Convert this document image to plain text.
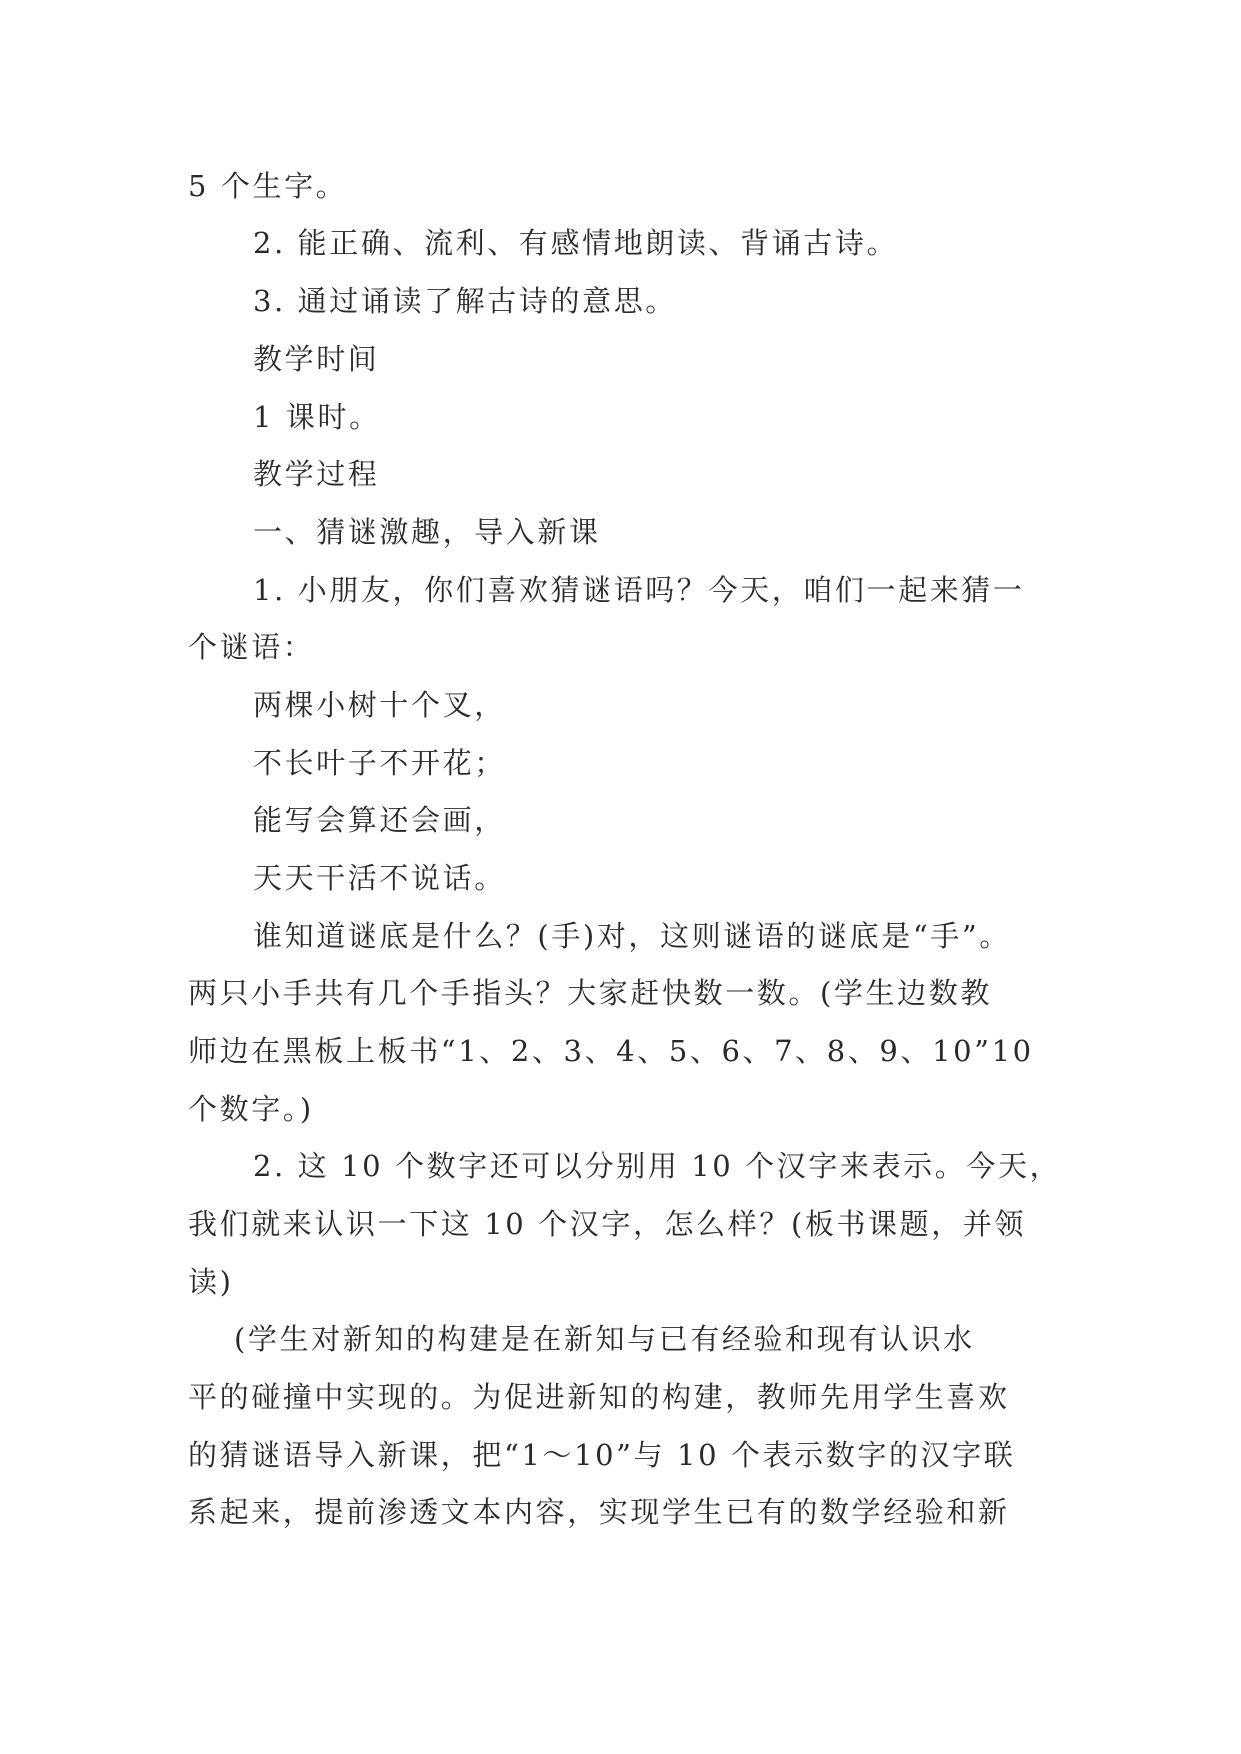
5 个生字。
2. 能正确、流利、有感情地朗读、背诵古诗。
3. 通过诵读了解古诗的意思。
教学时间
1 课时。
教学过程
一、猜谜激趣，导入新课
1. 小朋友，你们喜欢猜谜语吗？今天，咱们一起来猜一
个谜语：
两棵小树十个叉，
不长叶子不开花；
能写会算还会画，
天天干活不说话。
谁知道谜底是什么？(手)对，这则谜语的谜底是“手”。
两只小手共有几个手指头？大家赶快数一数。(学生边数教
师边在黑板上板书“1、2、3、4、5、6、7、8、9、10”10
个数字。)
2. 这 10 个数字还可以分别用 10 个汉字来表示。今天，
我们就来认识一下这 10 个汉字，怎么样？(板书课题，并领
读)
(学生对新知的构建是在新知与已有经验和现有认识水
平的碰撞中实现的。为促进新知的构建，教师先用学生喜欢
的猜谜语导入新课，把“1～10”与 10 个表示数字的汉字联
系起来，提前渗透文本内容，实现学生已有的数学经验和新
